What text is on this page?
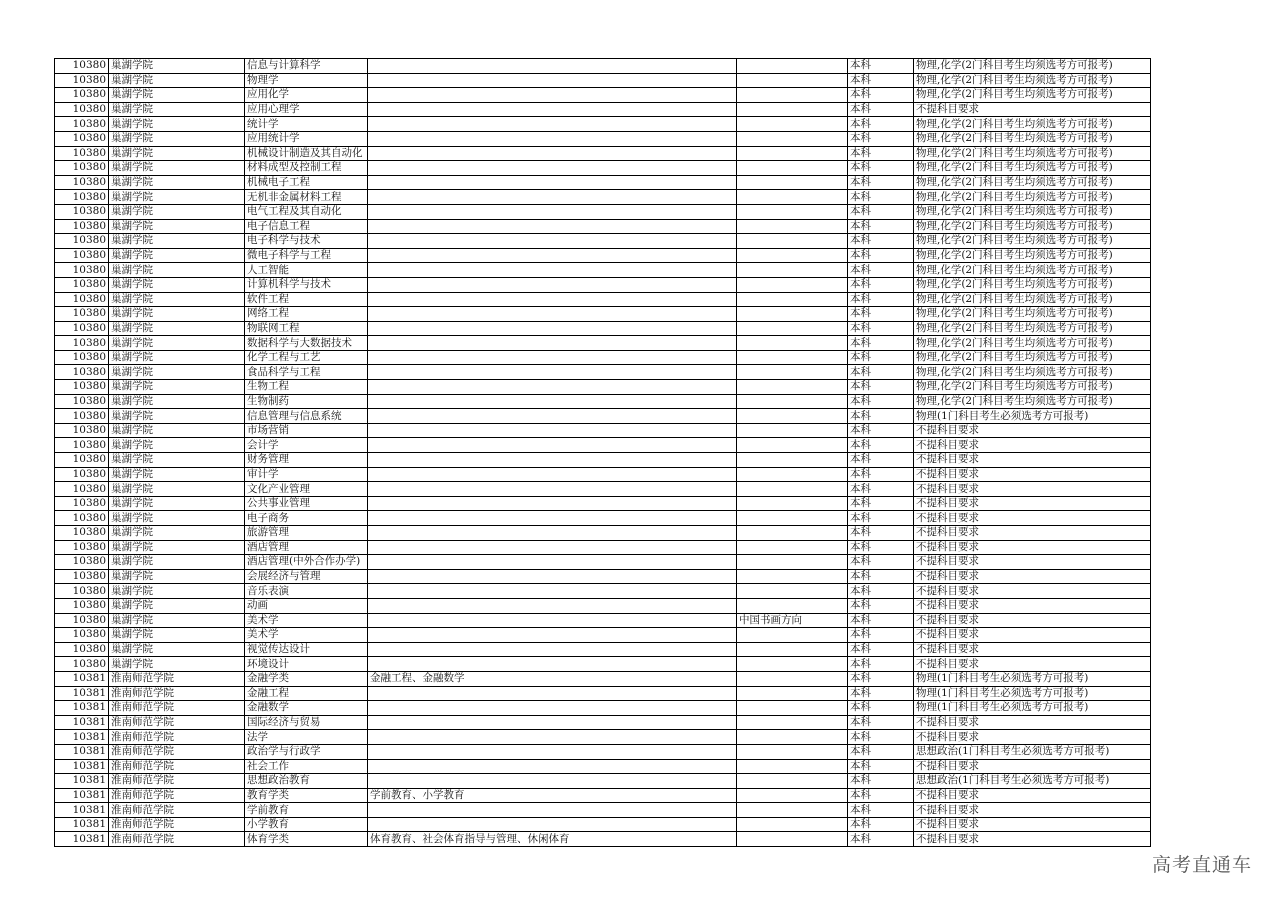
10380	巢湖学院	信息与计算科学			本科	物理,化学(2门科目考生均须选考方可报考)
10380	巢湖学院	物理学			本科	物理,化学(2门科目考生均须选考方可报考)
10380	巢湖学院	应用化学			本科	物理,化学(2门科目考生均须选考方可报考)
10380	巢湖学院	应用心理学			本科	不提科目要求
10380	巢湖学院	统计学			本科	物理,化学(2门科目考生均须选考方可报考)
10380	巢湖学院	应用统计学			本科	物理,化学(2门科目考生均须选考方可报考)
10380	巢湖学院	机械设计制造及其自动化			本科	物理,化学(2门科目考生均须选考方可报考)
10380	巢湖学院	材料成型及控制工程			本科	物理,化学(2门科目考生均须选考方可报考)
10380	巢湖学院	机械电子工程			本科	物理,化学(2门科目考生均须选考方可报考)
10380	巢湖学院	无机非金属材料工程			本科	物理,化学(2门科目考生均须选考方可报考)
10380	巢湖学院	电气工程及其自动化			本科	物理,化学(2门科目考生均须选考方可报考)
10380	巢湖学院	电子信息工程			本科	物理,化学(2门科目考生均须选考方可报考)
10380	巢湖学院	电子科学与技术			本科	物理,化学(2门科目考生均须选考方可报考)
10380	巢湖学院	微电子科学与工程			本科	物理,化学(2门科目考生均须选考方可报考)
10380	巢湖学院	人工智能			本科	物理,化学(2门科目考生均须选考方可报考)
10380	巢湖学院	计算机科学与技术			本科	物理,化学(2门科目考生均须选考方可报考)
10380	巢湖学院	软件工程			本科	物理,化学(2门科目考生均须选考方可报考)
10380	巢湖学院	网络工程			本科	物理,化学(2门科目考生均须选考方可报考)
10380	巢湖学院	物联网工程			本科	物理,化学(2门科目考生均须选考方可报考)
10380	巢湖学院	数据科学与大数据技术			本科	物理,化学(2门科目考生均须选考方可报考)
10380	巢湖学院	化学工程与工艺			本科	物理,化学(2门科目考生均须选考方可报考)
10380	巢湖学院	食品科学与工程			本科	物理,化学(2门科目考生均须选考方可报考)
10380	巢湖学院	生物工程			本科	物理,化学(2门科目考生均须选考方可报考)
10380	巢湖学院	生物制药			本科	物理,化学(2门科目考生均须选考方可报考)
10380	巢湖学院	信息管理与信息系统			本科	物理(1门科目考生必须选考方可报考)
10380	巢湖学院	市场营销			本科	不提科目要求
10380	巢湖学院	会计学			本科	不提科目要求
10380	巢湖学院	财务管理			本科	不提科目要求
10380	巢湖学院	审计学			本科	不提科目要求
10380	巢湖学院	文化产业管理			本科	不提科目要求
10380	巢湖学院	公共事业管理			本科	不提科目要求
10380	巢湖学院	电子商务			本科	不提科目要求
10380	巢湖学院	旅游管理			本科	不提科目要求
10380	巢湖学院	酒店管理			本科	不提科目要求
10380	巢湖学院	酒店管理(中外合作办学)			本科	不提科目要求
10380	巢湖学院	会展经济与管理			本科	不提科目要求
10380	巢湖学院	音乐表演			本科	不提科目要求
10380	巢湖学院	动画			本科	不提科目要求
10380	巢湖学院	美术学		中国书画方向	本科	不提科目要求
10380	巢湖学院	美术学			本科	不提科目要求
10380	巢湖学院	视觉传达设计			本科	不提科目要求
10380	巢湖学院	环境设计			本科	不提科目要求
10381	淮南师范学院	金融学类	金融工程、金融数学		本科	物理(1门科目考生必须选考方可报考)
10381	淮南师范学院	金融工程			本科	物理(1门科目考生必须选考方可报考)
10381	淮南师范学院	金融数学			本科	物理(1门科目考生必须选考方可报考)
10381	淮南师范学院	国际经济与贸易			本科	不提科目要求
10381	淮南师范学院	法学			本科	不提科目要求
10381	淮南师范学院	政治学与行政学			本科	思想政治(1门科目考生必须选考方可报考)
10381	淮南师范学院	社会工作			本科	不提科目要求
10381	淮南师范学院	思想政治教育			本科	思想政治(1门科目考生必须选考方可报考)
10381	淮南师范学院	教育学类	学前教育、小学教育		本科	不提科目要求
10381	淮南师范学院	学前教育			本科	不提科目要求
10381	淮南师范学院	小学教育			本科	不提科目要求
10381	淮南师范学院	体育学类	体育教育、社会体育指导与管理、休闲体育		本科	不提科目要求
高考直通车
